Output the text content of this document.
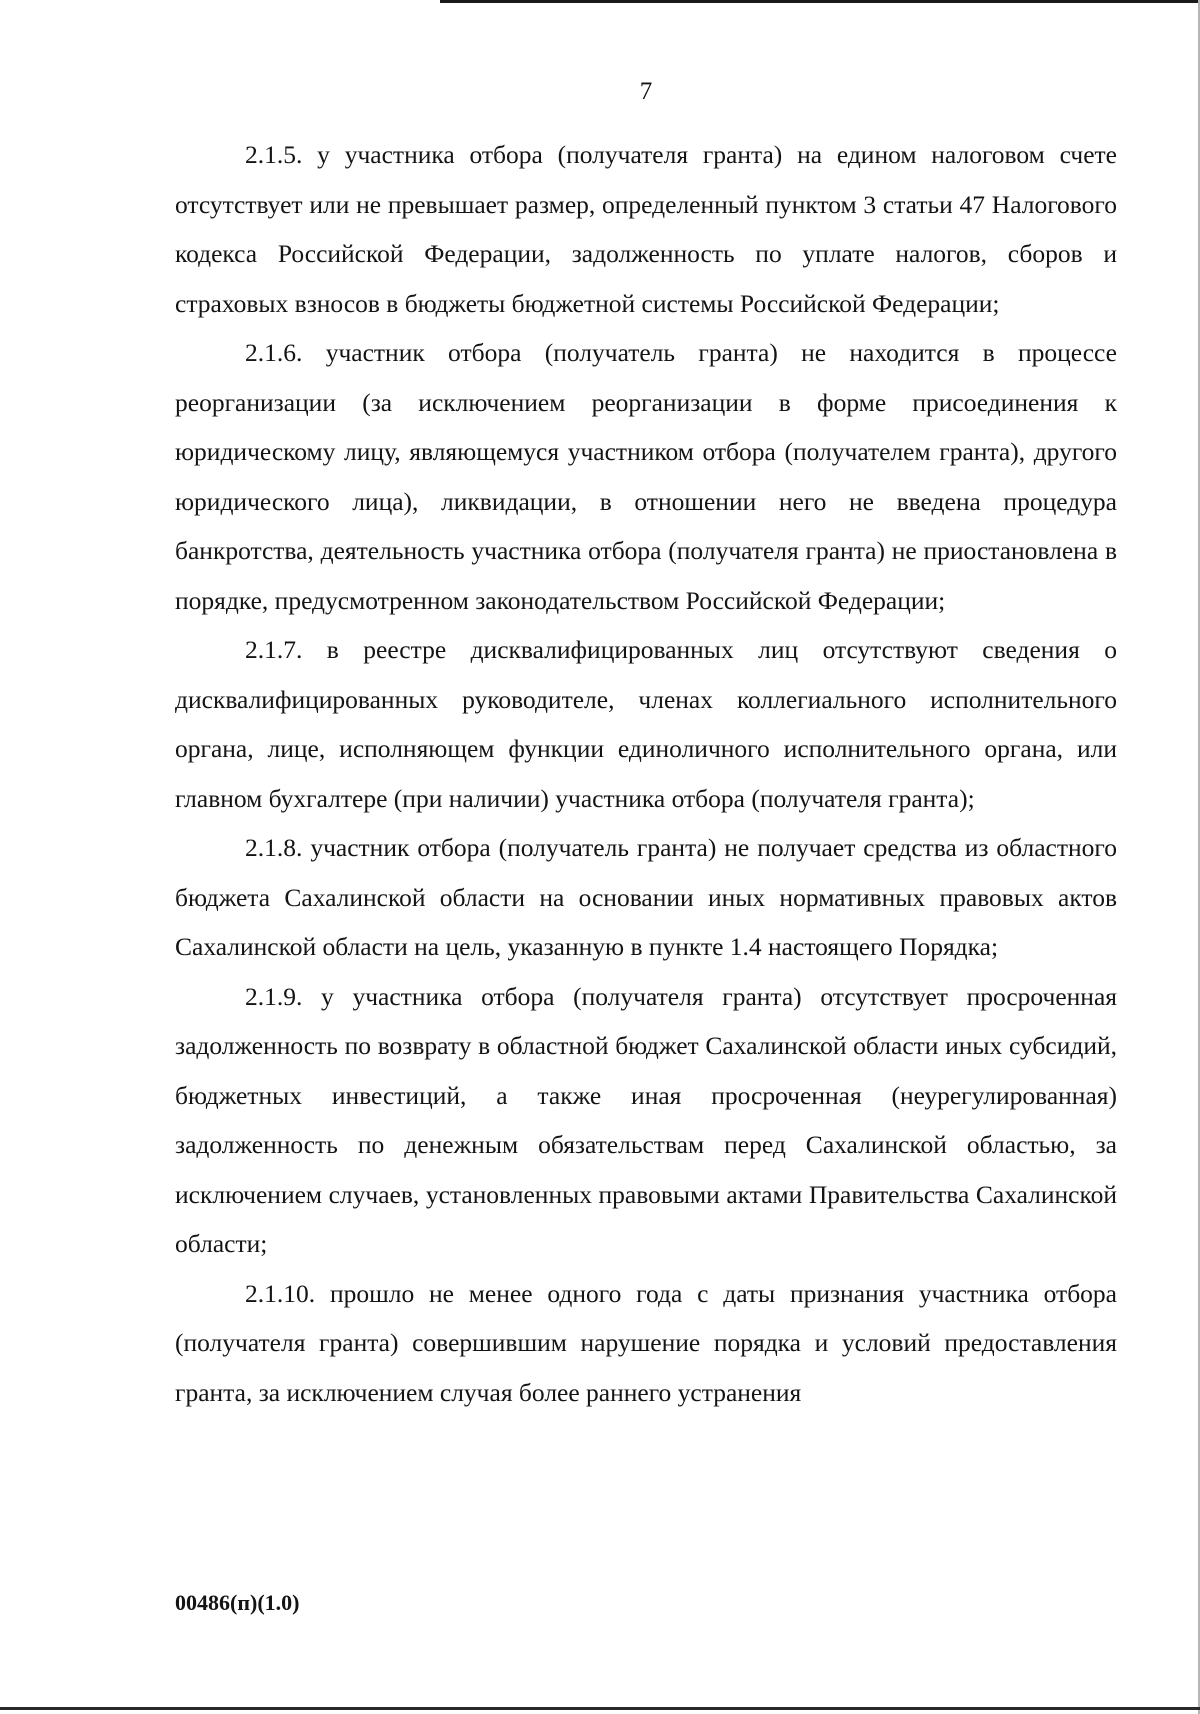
7

2.1.5. у участника отбора (получателя гранта) на едином налоговом счете отсутствует или не превышает размер, определенный пунктом 3 статьи 47 Налогового кодекса Российской Федерации, задолженность по уплате налогов, сборов и страховых взносов в бюджеты бюджетной системы Российской Федерации;

2.1.6. участник отбора (получатель гранта) не находится в процессе реорганизации (за исключением реорганизации в форме присоединения к юридическому лицу, являющемуся участником отбора (получателем гранта), другого юридического лица), ликвидации, в отношении него не введена процедура банкротства, деятельность участника отбора (получателя гранта) не приостановлена в порядке, предусмотренном законодательством Российской Федерации;

2.1.7. в реестре дисквалифицированных лиц отсутствуют сведения о дисквалифицированных руководителе, членах коллегиального исполнительного органа, лице, исполняющем функции единоличного исполнительного органа, или главном бухгалтере (при наличии) участника отбора (получателя гранта);

2.1.8. участник отбора (получатель гранта) не получает средства из областного бюджета Сахалинской области на основании иных нормативных правовых актов Сахалинской области на цель, указанную в пункте 1.4 настоящего Порядка;

2.1.9. у участника отбора (получателя гранта) отсутствует просроченная задолженность по возврату в областной бюджет Сахалинской области иных субсидий, бюджетных инвестиций, а также иная просроченная (неурегулированная) задолженность по денежным обязательствам перед Сахалинской областью, за исключением случаев, установленных правовыми актами Правительства Сахалинской области;

2.1.10. прошло не менее одного года с даты признания участника отбора (получателя гранта) совершившим нарушение порядка и условий предоставления гранта, за исключением случая более раннего устранения

00486(п)(1.0)
